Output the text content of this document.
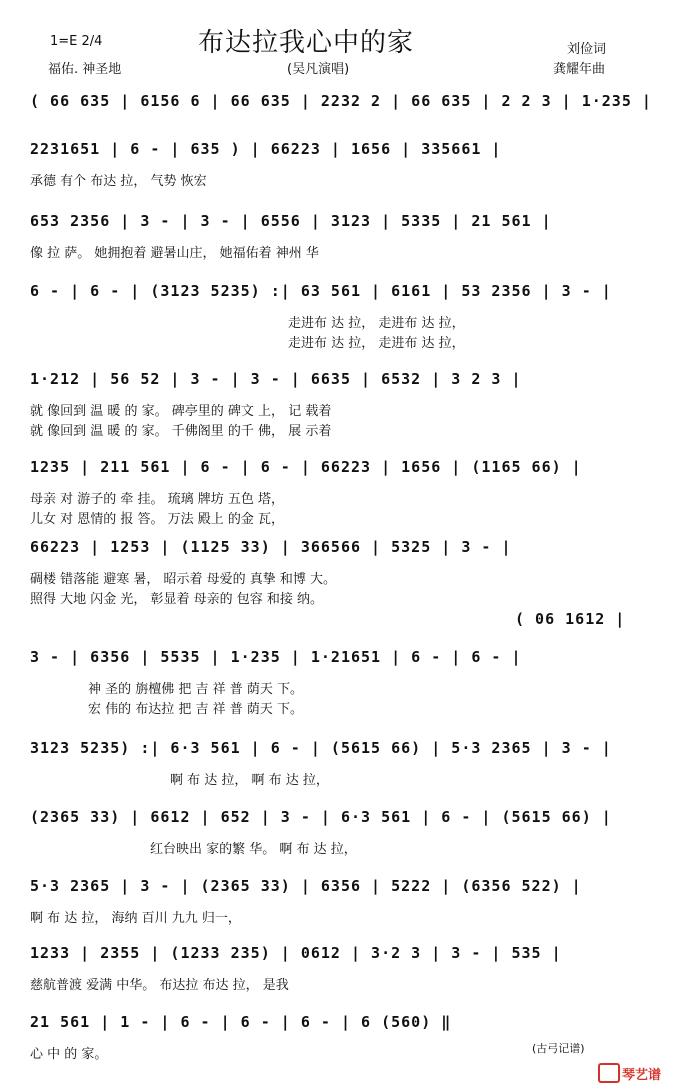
1=E 2/4	布达拉我心中的家	刘俭词
福佑. 神圣地	(吴凡演唱)	龚耀年曲
( 66 635 | 6156 6 | 66 635 | 2232 2 | 66 635 | 2 2 3 | 1·235 |
2231651 | 6 - | 635 ) | 66223 | 1656 | 335661 |
承德 有个 布达 拉， 气势 恢宏
653 2356 | 3 - | 3 - | 6556 | 3123 | 5335 | 21 561 |
像 拉 萨。 她拥抱着 避暑山庄， 她福佑着 神州 华
6 - | 6 - | (3123 5235) :| 63 561 | 6161 | 53 2356 | 3 - |
走进布 达 拉， 走进布 达 拉，
走进布 达 拉， 走进布 达 拉，
1·212 | 56 52 | 3 - | 3 - | 6635 | 6532 | 3 2 3 |
就 像回到 温 暖 的 家。 碑亭里的 碑文 上， 记 载着
就 像回到 温 暖 的 家。 千佛阁里 的千 佛， 展 示着
1235 | 211 561 | 6 - | 6 - | 66223 | 1656 | (1165 66) |
母亲 对 游子的 牵 挂。 琉璃 牌坊 五色 塔，
儿女 对 恩情的 报 答。 万法 殿上 的金 瓦，
66223 | 1253 | (1125 33) | 366566 | 5325 | 3 - |
碉楼 错落能 避寒 暑， 昭示着 母爱的 真挚 和博 大。
照得 大地 闪金 光， 彰显着 母亲的 包容 和接 纳。
( 06 1612 |
3 - | 6356 | 5535 | 1·235 | 1·21651 | 6 - | 6 - |
神 圣的 旃檀佛 把 吉 祥 普 荫天 下。
宏 伟的 布达拉 把 吉 祥 普 荫天 下。
3123 5235) :| 6·3 561 | 6 - | (5615 66) | 5·3 2365 | 3 - |
啊 布 达 拉， 啊 布 达 拉，
(2365 33) | 6612 | 652 | 3 - | 6·3 561 | 6 - | (5615 66) |
红台映出 家的繁 华。 啊 布 达 拉，
5·3 2365 | 3 - | (2365 33) | 6356 | 5222 | (6356 522) |
啊 布 达 拉， 海纳 百川 九九 归一，
1233 | 2355 | (1233 235) | 0612 | 3·2 3 | 3 - | 535 |
慈航普渡 爱满 中华。 布达拉 布达 拉， 是我
21 561 | 1 - | 6 - | 6 - | 6 - | 6 (560) ‖
心 中 的 家。	(古弓记谱)
琴艺谱
